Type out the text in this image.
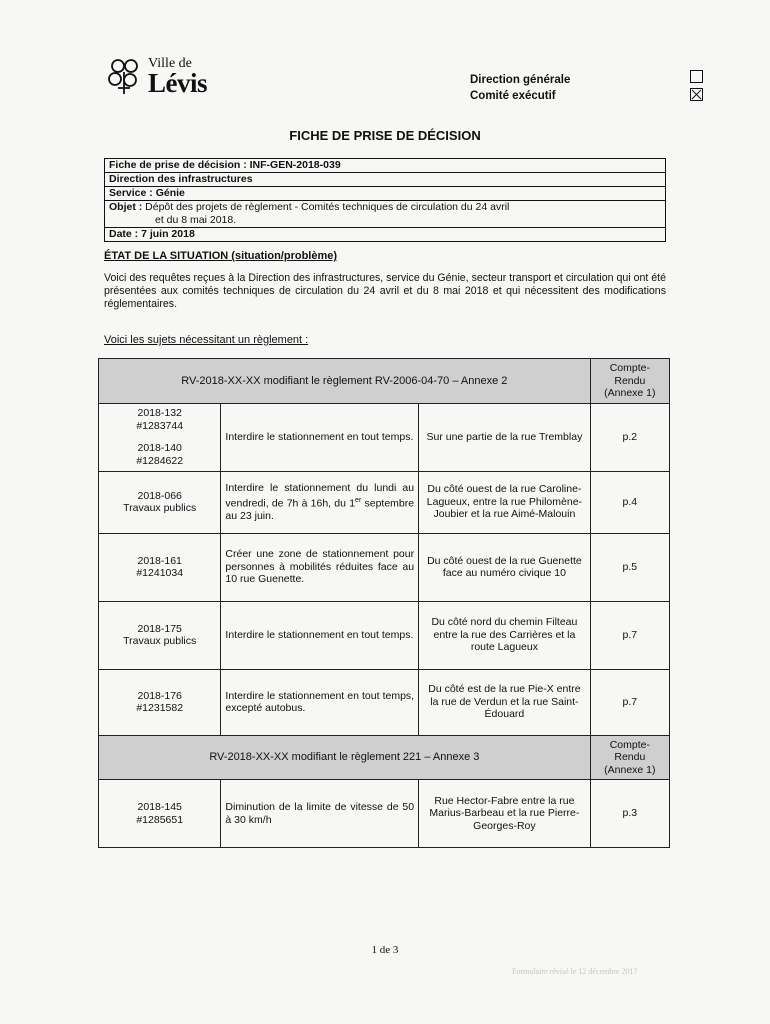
Ville de
Lévis	Direction générale
Comité exécutif
FICHE DE PRISE DE DÉCISION
Fiche de prise de décision : INF-GEN-2018-039
Direction des infrastructures
Service : Génie
Objet : Dépôt des projets de règlement - Comités techniques de circulation du 24 avril
et du 8 mai 2018.
Date : 7 juin 2018
ÉTAT DE LA SITUATION (situation/problème)
Voici des requêtes reçues à la Direction des infrastructures, service du Génie, secteur transport et circulation qui ont été présentées aux comités techniques de circulation du 24 avril et du 8 mai 2018 et qui nécessitent des modifications réglementaires.
Voici les sujets nécessitant un règlement :
RV-2018-XX-XX modifiant le règlement RV-2006-04-70 – Annexe 2			Compte-Rendu (Annexe 1)

2018-132
#1283744
2018-140
#1284622	Interdire le stationnement en tout temps.	Sur une partie de la rue Tremblay	p.2

2018-066
Travaux publics	Interdire le stationnement du lundi au vendredi, de 7h à 16h, du 1er septembre au 23 juin.	Du côté ouest de la rue Caroline-Lagueux, entre la rue Philomène-Joubier et la rue Aimé-Malouin	p.4

2018-161
#1241034	Créer une zone de stationnement pour personnes à mobilités réduites face au 10 rue Guenette.	Du côté ouest de la rue Guenette face au numéro civique 10	p.5

2018-175
Travaux publics	Interdire le stationnement en tout temps.	Du côté nord du chemin Filteau entre la rue des Carrières et la route Lagueux	p.7

2018-176
#1231582	Interdire le stationnement en tout temps, excepté autobus.	Du côté est de la rue Pie-X entre la rue de Verdun et la rue Saint-Édouard	p.7
RV-2018-XX-XX modifiant le règlement 221 – Annexe 3			Compte-Rendu (Annexe 1)

2018-145
#1285651	Diminution de la limite de vitesse de 50 à 30 km/h	Rue Hector-Fabre entre la rue Marius-Barbeau et la rue Pierre-Georges-Roy	p.3
1 de 3
Formulaire révisé le 12 décembre 2017
